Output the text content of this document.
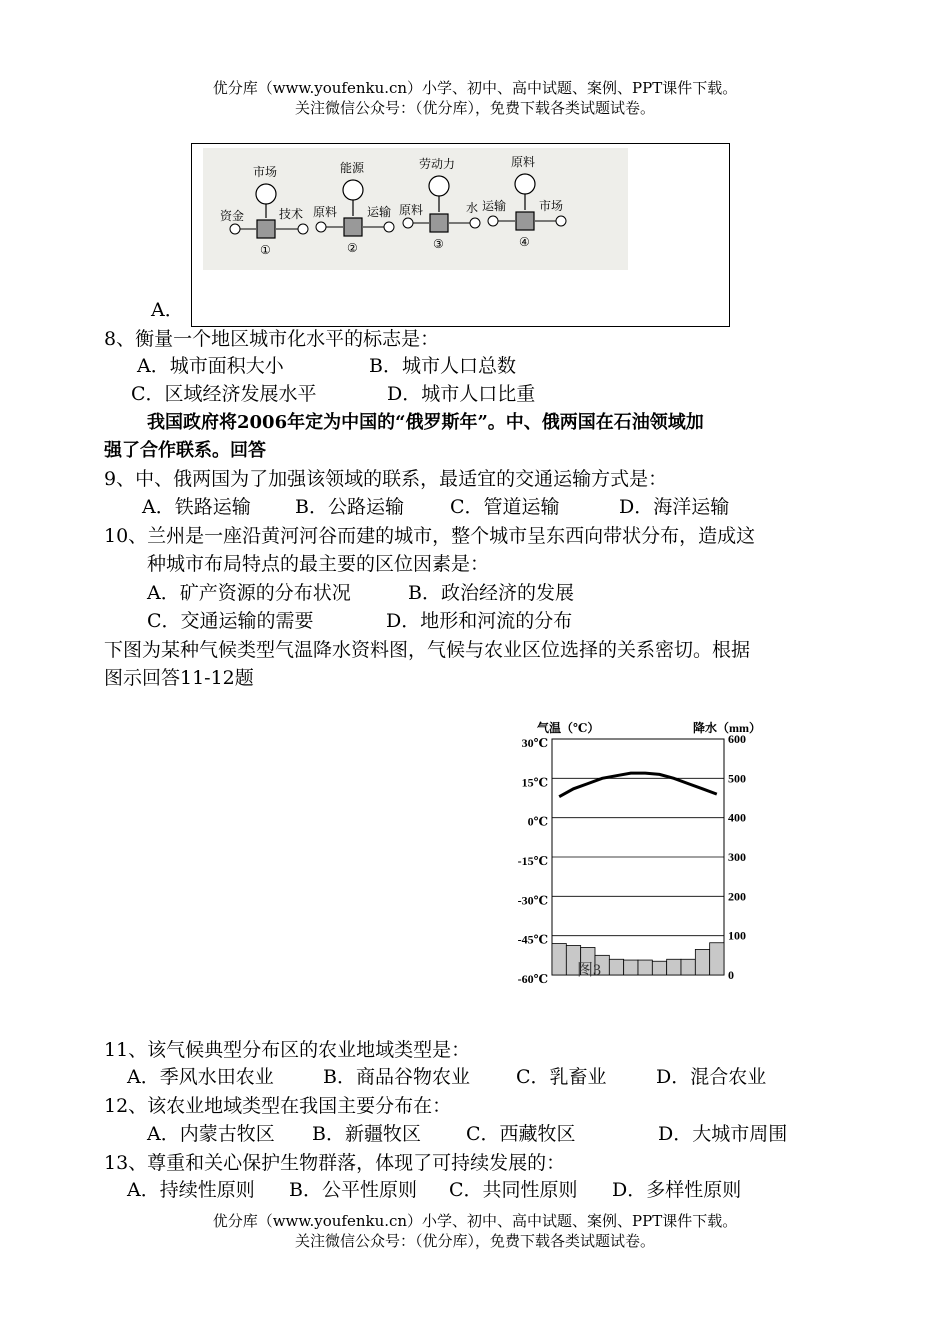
优分库（www.youfenku.cn）小学、初中、高中试题、案例、PPT课件下载。
关注微信公众号：（优分库），免费下载各类试题试卷。
市场	能源	劳动力	原料
资金	技术 原料 运输 原料	水 运输	市场
①	②	③	④
A．
8、衡量一个地区城市化水平的标志是：
A．城市面积大小	B．城市人口总数
C．区域经济发展水平	D．城市人口比重
我国政府将2006年定为中国的“俄罗斯年”。中、俄两国在石油领域加
强了合作联系。回答
9、中、俄两国为了加强该领域的联系，最适宜的交通运输方式是：
A．铁路运输 B．公路运输 C．管道运输	D．海洋运输
10、兰州是一座沿黄河河谷而建的城市，整个城市呈东西向带状分布，造成这
种城市布局特点的最主要的区位因素是：
A．矿产资源的分布状况	B．政治经济的发展
C．交通运输的需要	D．地形和河流的分布
下图为某种气候类型气温降水资料图，气候与农业区位选择的关系密切。根据
图示回答11-12题
气温（℃）	降水（mm）
30℃
15℃
0℃
-15℃
-30℃
-45℃
-60℃
600
500
400
300
200
100
0
图3
11、该气候典型分布区的农业地域类型是：
A．季风水田农业	B．商品谷物农业 C．乳畜业	D．混合农业
12、该农业地域类型在我国主要分布在：
A．内蒙古牧区 B．新疆牧区 C．西藏牧区	D．大城市周围
13、尊重和关心保护生物群落，体现了可持续发展的：
A．持续性原则 B．公平性原则 C．共同性原则 D．多样性原则
优分库（www.youfenku.cn）小学、初中、高中试题、案例、PPT课件下载。
关注微信公众号：（优分库），免费下载各类试题试卷。
